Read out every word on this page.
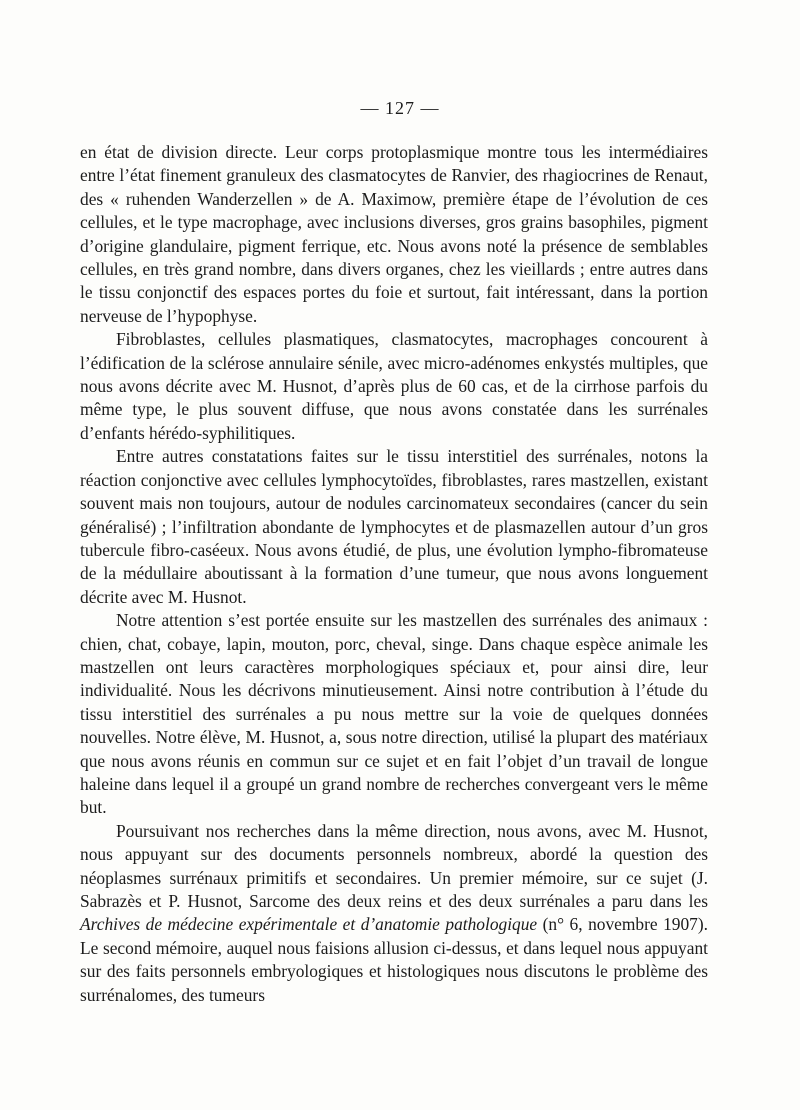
— 127 —

en état de division directe. Leur corps protoplasmique montre tous les intermédiaires entre l’état finement granuleux des clasmatocytes de Ranvier, des rhagiocrines de Renaut, des « ruhenden Wanderzellen » de A. Maximow, première étape de l’évolution de ces cellules, et le type macrophage, avec inclusions diverses, gros grains basophiles, pigment d’origine glandulaire, pigment ferrique, etc. Nous avons noté la présence de semblables cellules, en très grand nombre, dans divers organes, chez les vieillards ; entre autres dans le tissu conjonctif des espaces portes du foie et surtout, fait intéressant, dans la portion nerveuse de l’hypophyse.

Fibroblastes, cellules plasmatiques, clasmatocytes, macrophages concourent à l’édification de la sclérose annulaire sénile, avec micro-adénomes enkystés multiples, que nous avons décrite avec M. Husnot, d’après plus de 60 cas, et de la cirrhose parfois du même type, le plus souvent diffuse, que nous avons constatée dans les surrénales d’enfants hérédo-syphilitiques.

Entre autres constatations faites sur le tissu interstitiel des surrénales, notons la réaction conjonctive avec cellules lymphocytoïdes, fibroblastes, rares mastzellen, existant souvent mais non toujours, autour de nodules carcinomateux secondaires (cancer du sein généralisé) ; l’infiltration abondante de lymphocytes et de plasmazellen autour d’un gros tubercule fibro-caséeux. Nous avons étudié, de plus, une évolution lympho-fibromateuse de la médullaire aboutissant à la formation d’une tumeur, que nous avons longuement décrite avec M. Husnot.

Notre attention s’est portée ensuite sur les mastzellen des surrénales des animaux : chien, chat, cobaye, lapin, mouton, porc, cheval, singe. Dans chaque espèce animale les mastzellen ont leurs caractères morphologiques spéciaux et, pour ainsi dire, leur individualité. Nous les décrivons minutieusement. Ainsi notre contribution à l’étude du tissu interstitiel des surrénales a pu nous mettre sur la voie de quelques données nouvelles. Notre élève, M. Husnot, a, sous notre direction, utilisé la plupart des matériaux que nous avons réunis en commun sur ce sujet et en fait l’objet d’un travail de longue haleine dans lequel il a groupé un grand nombre de recherches convergeant vers le même but.

Poursuivant nos recherches dans la même direction, nous avons, avec M. Husnot, nous appuyant sur des documents personnels nombreux, abordé la question des néoplasmes surrénaux primitifs et secondaires. Un premier mémoire, sur ce sujet (J. Sabrazès et P. Husnot, Sarcome des deux reins et des deux surrénales a paru dans les Archives de médecine expérimentale et d’anatomie pathologique (n° 6, novembre 1907). Le second mémoire, auquel nous faisions allusion ci-dessus, et dans lequel nous appuyant sur des faits personnels embryologiques et histologiques nous discutons le problème des surrénalomes, des tumeurs
